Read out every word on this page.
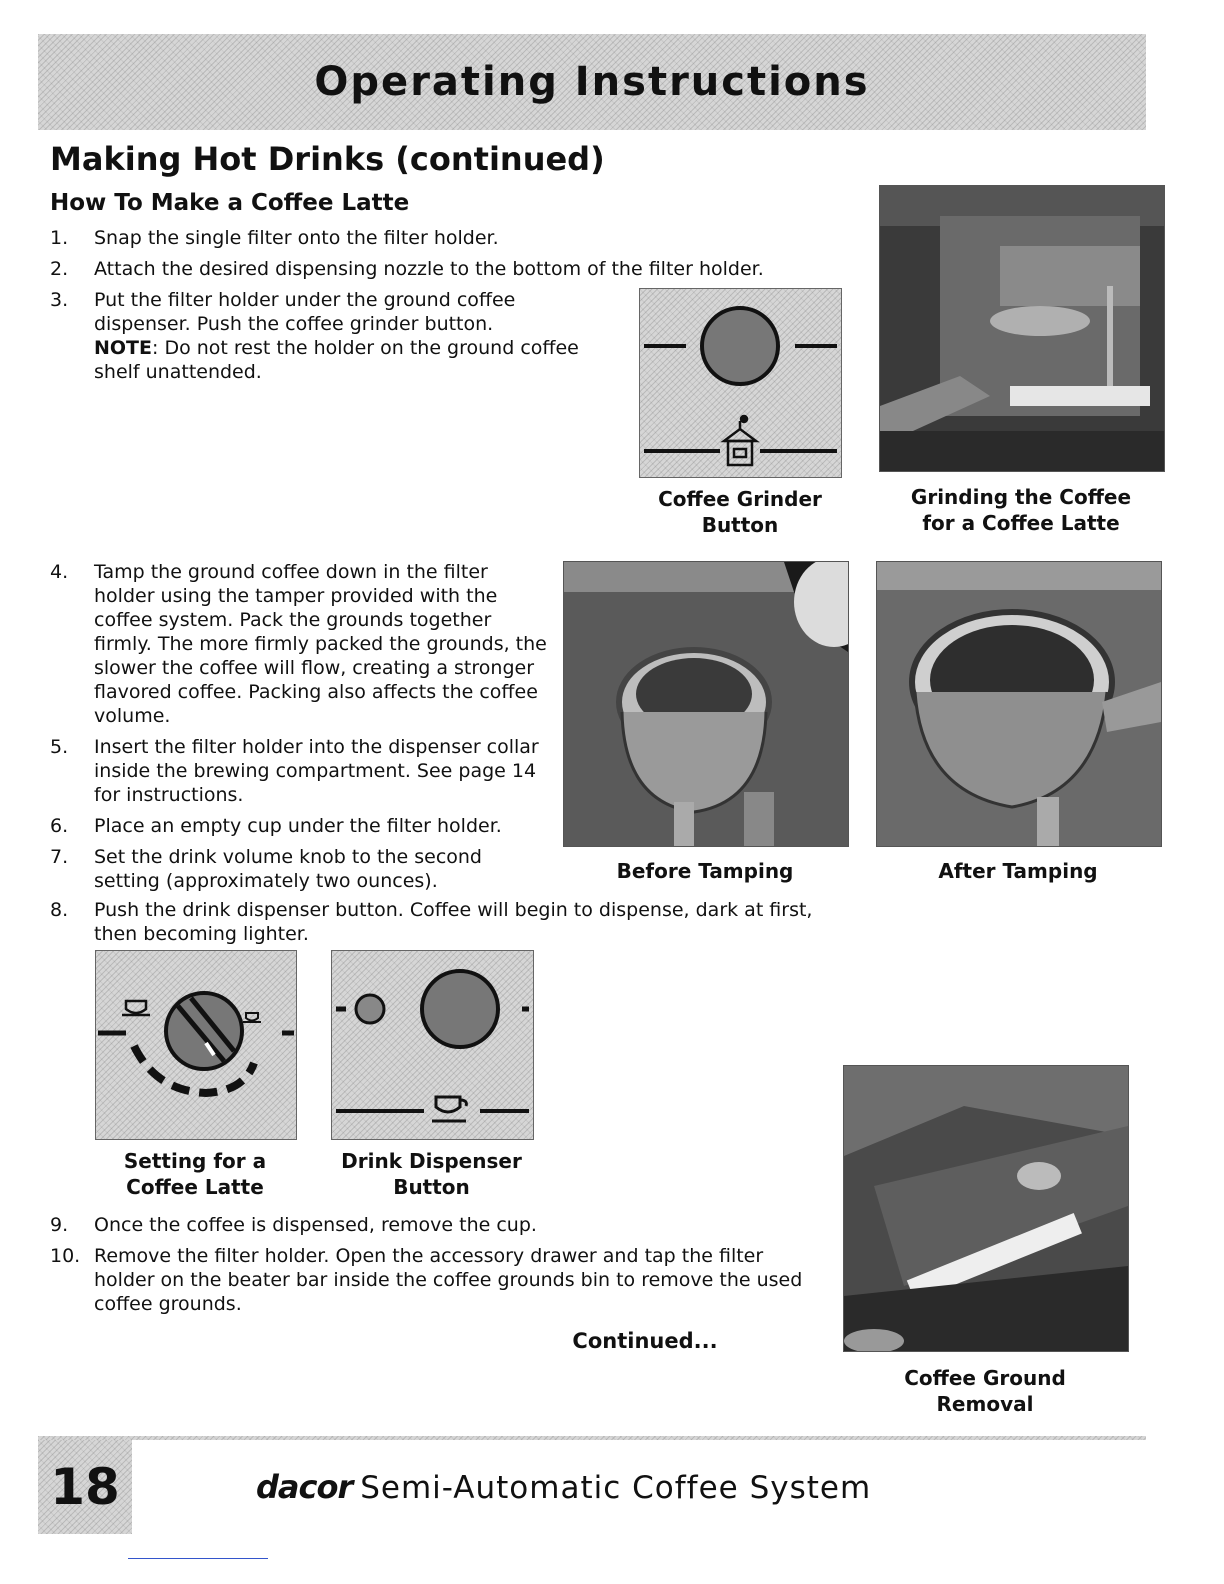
Operating Instructions
Making Hot Drinks (continued)
How To Make a Coffee Latte
1. Snap the single filter onto the filter holder.
2. Attach the desired dispensing nozzle to the bottom of the filter holder.
3. Put the filter holder under the ground coffee dispenser. Push the coffee grinder button.
NOTE: Do not rest the holder on the ground coffee shelf unattended.
4. Tamp the ground coffee down in the filter holder using the tamper provided with the coffee system. Pack the grounds together firmly. The more firmly packed the grounds, the slower the coffee will flow, creating a stronger flavored coffee. Packing also affects the coffee volume.
5. Insert the filter holder into the dispenser collar inside the brewing compartment. See page 14 for instructions.
6. Place an empty cup under the filter holder.
7. Set the drink volume knob to the second setting (approximately two ounces).
8. Push the drink dispenser button. Coffee will begin to dispense, dark at first, then becoming lighter.
9. Once the coffee is dispensed, remove the cup.
10. Remove the filter holder. Open the accessory drawer and tap the filter holder on the beater bar inside the coffee grounds bin to remove the used coffee grounds.
Coffee Grinder
Button
Grinding the Coffee
for a Coffee Latte
Before Tamping	After Tamping
Setting for a
Coffee Latte
Drink Dispenser
Button
Coffee Ground
Removal
Continued...
18	dacor Semi-Automatic Coffee System
